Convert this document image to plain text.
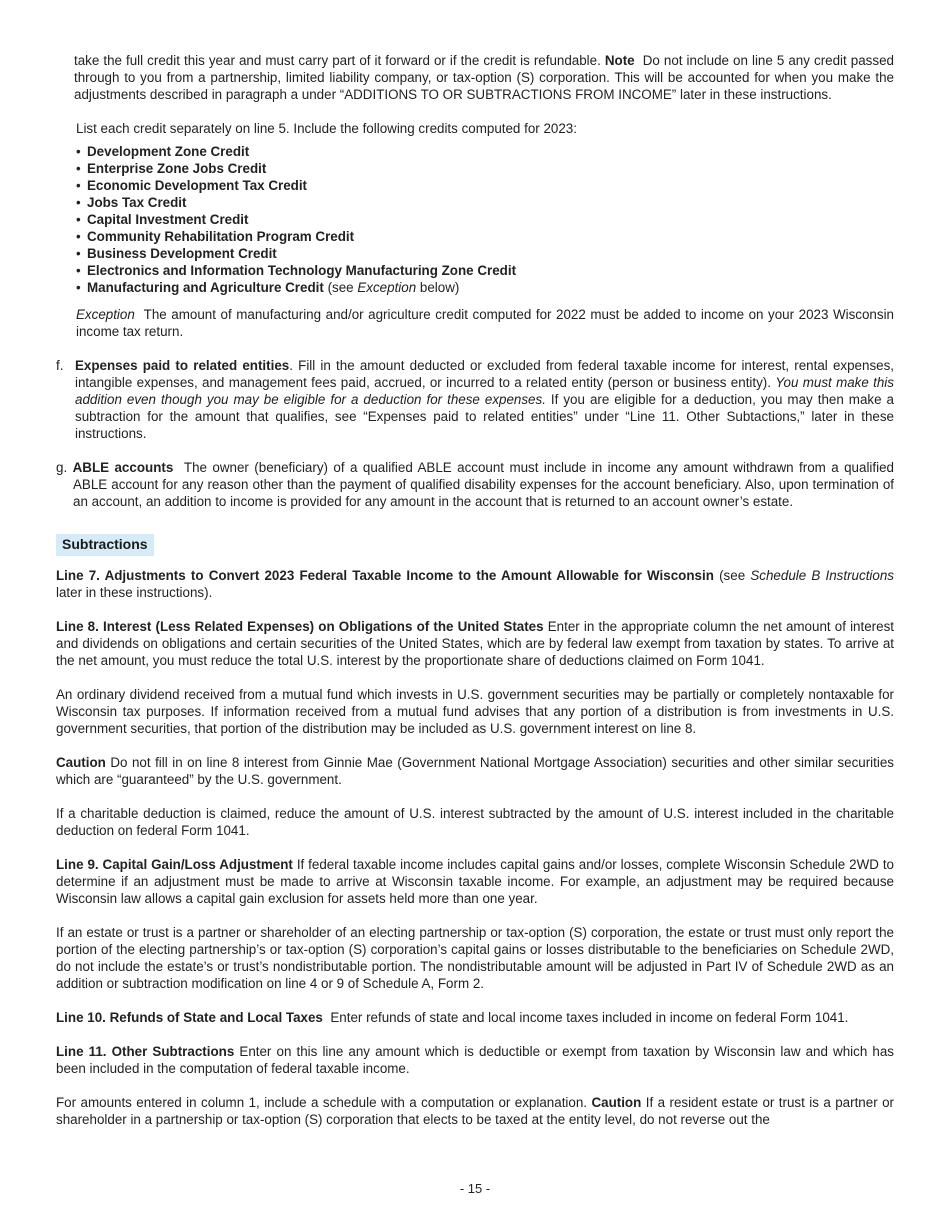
take the full credit this year and must carry part of it forward or if the credit is refundable. Note Do not include on line 5 any credit passed through to you from a partnership, limited liability company, or tax-option (S) corporation. This will be accounted for when you make the adjustments described in paragraph a under “ADDITIONS TO OR SUBTRACTIONS FROM INCOME” later in these instructions.

List each credit separately on line 5. Include the following credits computed for 2023:

• Development Zone Credit
• Enterprise Zone Jobs Credit
• Economic Development Tax Credit
• Jobs Tax Credit
• Capital Investment Credit
• Community Rehabilitation Program Credit
• Business Development Credit
• Electronics and Information Technology Manufacturing Zone Credit
• Manufacturing and Agriculture Credit (see Exception below)

Exception The amount of manufacturing and/or agriculture credit computed for 2022 must be added to income on your 2023 Wisconsin income tax return.

f. Expenses paid to related entities. Fill in the amount deducted or excluded from federal taxable income for interest, rental expenses, intangible expenses, and management fees paid, accrued, or incurred to a related entity (person or business entity). You must make this addition even though you may be eligible for a deduction for these expenses. If you are eligible for a deduction, you may then make a subtraction for the amount that qualifies, see “Expenses paid to related entities” under “Line 11. Other Subtactions,” later in these instructions.

g. ABLE accounts The owner (beneficiary) of a qualified ABLE account must include in income any amount withdrawn from a qualified ABLE account for any reason other than the payment of qualified disability expenses for the account beneficiary. Also, upon termination of an account, an addition to income is provided for any amount in the account that is returned to an account owner’s estate.

Subtractions

Line 7. Adjustments to Convert 2023 Federal Taxable Income to the Amount Allowable for Wisconsin (see Schedule B Instructions later in these instructions).

Line 8. Interest (Less Related Expenses) on Obligations of the United States Enter in the appropriate column the net amount of interest and dividends on obligations and certain securities of the United States, which are by federal law exempt from taxation by states. To arrive at the net amount, you must reduce the total U.S. interest by the proportionate share of deductions claimed on Form 1041.

An ordinary dividend received from a mutual fund which invests in U.S. government securities may be partially or completely nontaxable for Wisconsin tax purposes. If information received from a mutual fund advises that any portion of a distribution is from investments in U.S. government securities, that portion of the distribution may be included as U.S. government interest on line 8.

Caution Do not fill in on line 8 interest from Ginnie Mae (Government National Mortgage Association) securities and other similar securities which are “guaranteed” by the U.S. government.

If a charitable deduction is claimed, reduce the amount of U.S. interest subtracted by the amount of U.S. interest included in the charitable deduction on federal Form 1041.

Line 9. Capital Gain/Loss Adjustment If federal taxable income includes capital gains and/or losses, complete Wisconsin Schedule 2WD to determine if an adjustment must be made to arrive at Wisconsin taxable income. For example, an adjustment may be required because Wisconsin law allows a capital gain exclusion for assets held more than one year.

If an estate or trust is a partner or shareholder of an electing partnership or tax-option (S) corporation, the estate or trust must only report the portion of the electing partnership’s or tax-option (S) corporation’s capital gains or losses distributable to the beneficiaries on Schedule 2WD, do not include the estate’s or trust’s nondistributable portion. The nondistributable amount will be adjusted in Part IV of Schedule 2WD as an addition or subtraction modification on line 4 or 9 of Schedule A, Form 2.

Line 10. Refunds of State and Local Taxes Enter refunds of state and local income taxes included in income on federal Form 1041.

Line 11. Other Subtractions Enter on this line any amount which is deductible or exempt from taxation by Wisconsin law and which has been included in the computation of federal taxable income.

For amounts entered in column 1, include a schedule with a computation or explanation. Caution If a resident estate or trust is a partner or shareholder in a partnership or tax-option (S) corporation that elects to be taxed at the entity level, do not reverse out the

- 15 -
